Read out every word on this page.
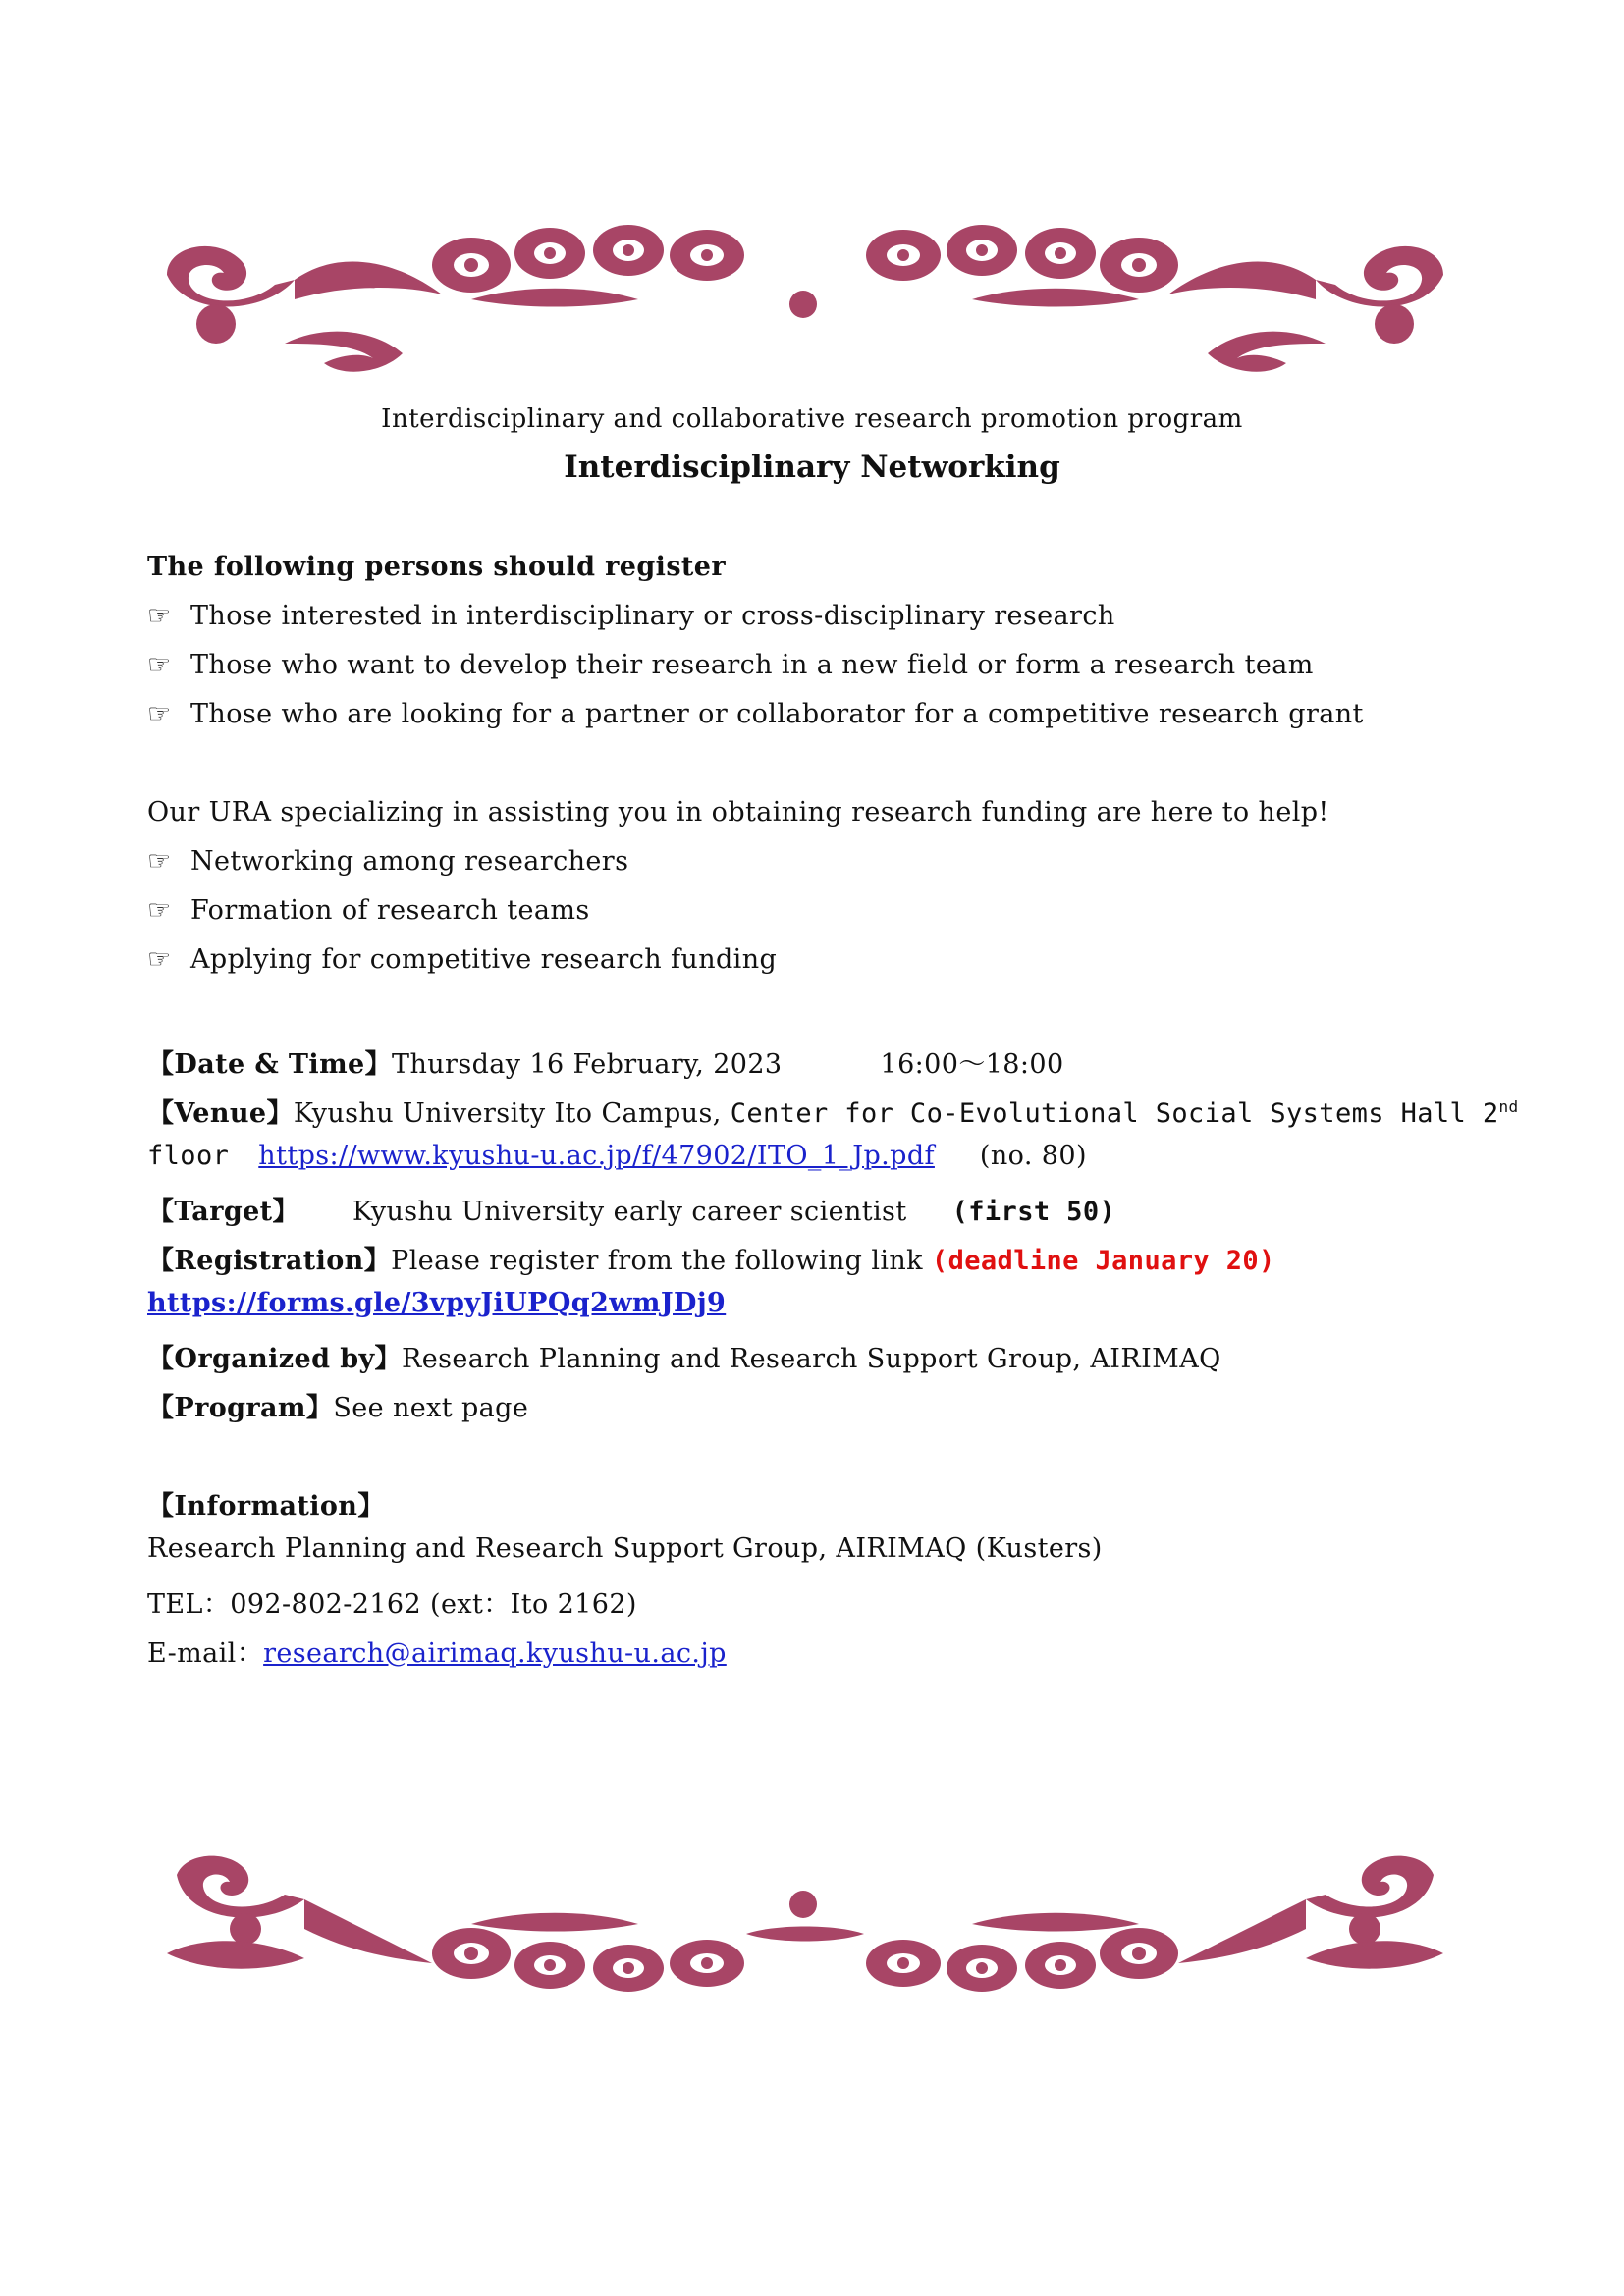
Interdisciplinary and collaborative research promotion program
Interdisciplinary Networking
The following persons should register
☞ Those interested in interdisciplinary or cross-disciplinary research
☞ Those who want to develop their research in a new field or form a research team
☞ Those who are looking for a partner or collaborator for a competitive research grant
Our URA specializing in assisting you in obtaining research funding are here to help!
☞ Networking among researchers
☞ Formation of research teams
☞ Applying for competitive research funding
【Date & Time】Thursday 16 February, 2023	16:00～18:00
【Venue】Kyushu University Ito Campus, Center for Co-Evolutional Social Systems Hall 2nd
floor https://www.kyushu-u.ac.jp/f/47902/ITO_1_Jp.pdf (no. 80)
【Target】 Kyushu University early career scientist (first 50)
【Registration】Please register from the following link (deadline January 20)
https://forms.gle/3vpyJiUPQq2wmJDj9
【Organized by】Research Planning and Research Support Group, AIRIMAQ
【Program】See next page
【Information】
Research Planning and Research Support Group, AIRIMAQ (Kusters)
TEL：092-802-2162 (ext：Ito 2162)
E-mail：research@airimaq.kyushu-u.ac.jp
